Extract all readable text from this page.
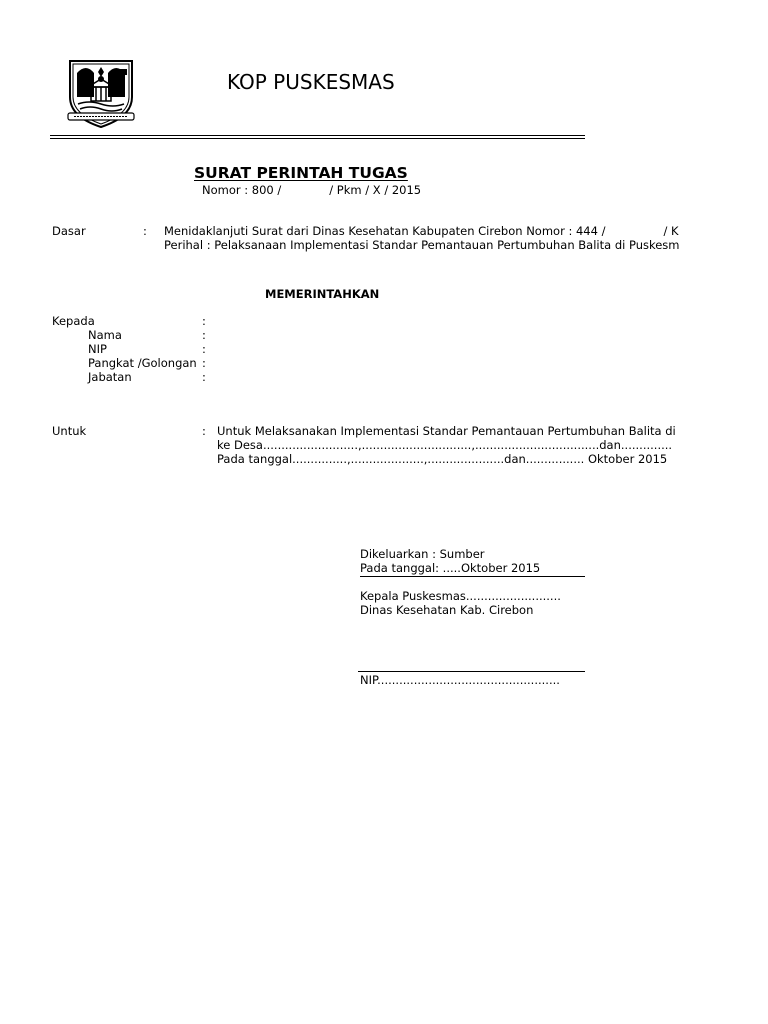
KOP PUSKESMAS
SURAT PERINTAH TUGAS
Nomor : 800 /	/ Pkm / X / 2015
Dasar	: Menidaklanjuti Surat dari Dinas Kesehatan Kabupaten Cirebon Nomor : 444 /	/ K
Perihal : Pelaksanaan Implementasi Standar Pemantauan Pertumbuhan Balita di Puskesm
MEMERINTAHKAN
Kepada	:
Nama	:
NIP	:
Pangkat /Golongan :
Jabatan	:
Untuk	: Untuk Melaksanakan Implementasi Standar Pemantauan Pertumbuhan Balita di
ke Desa..........................,..............................,..................................dan..............
Pada tanggal...............,....................,.....................dan................ Oktober 2015
Dikeluarkan : Sumber
Pada tanggal: .....Oktober 2015
Kepala Puskesmas..........................
Dinas Kesehatan Kab. Cirebon
NIP..................................................
